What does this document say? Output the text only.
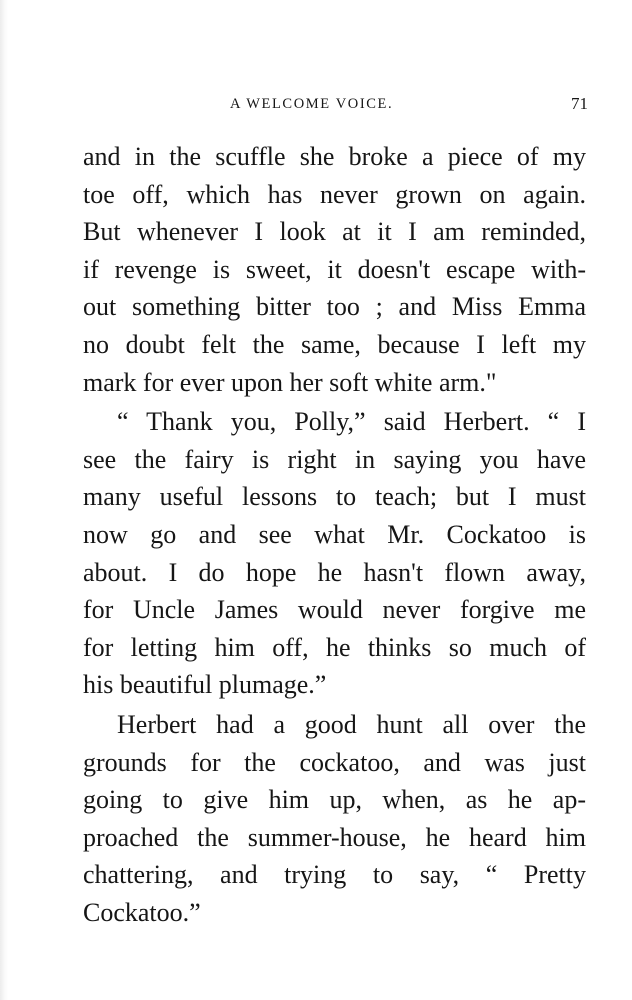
A WELCOME VOICE.	71
and in the scuffle she broke a piece of my
toe off, which has never grown on again.
But whenever I look at it I am reminded,
if revenge is sweet, it doesn't escape with-
out something bitter too ; and Miss Emma
no doubt felt the same, because I left my
mark for ever upon her soft white arm."
“ Thank you, Polly,” said Herbert. “ I
see the fairy is right in saying you have
many useful lessons to teach; but I must
now go and see what Mr. Cockatoo is
about. I do hope he hasn't flown away,
for Uncle James would never forgive me
for letting him off, he thinks so much of
his beautiful plumage.”
Herbert had a good hunt all over the
grounds for the cockatoo, and was just
going to give him up, when, as he ap-
proached the summer-house, he heard him
chattering, and trying to say, “ Pretty
Cockatoo.”
